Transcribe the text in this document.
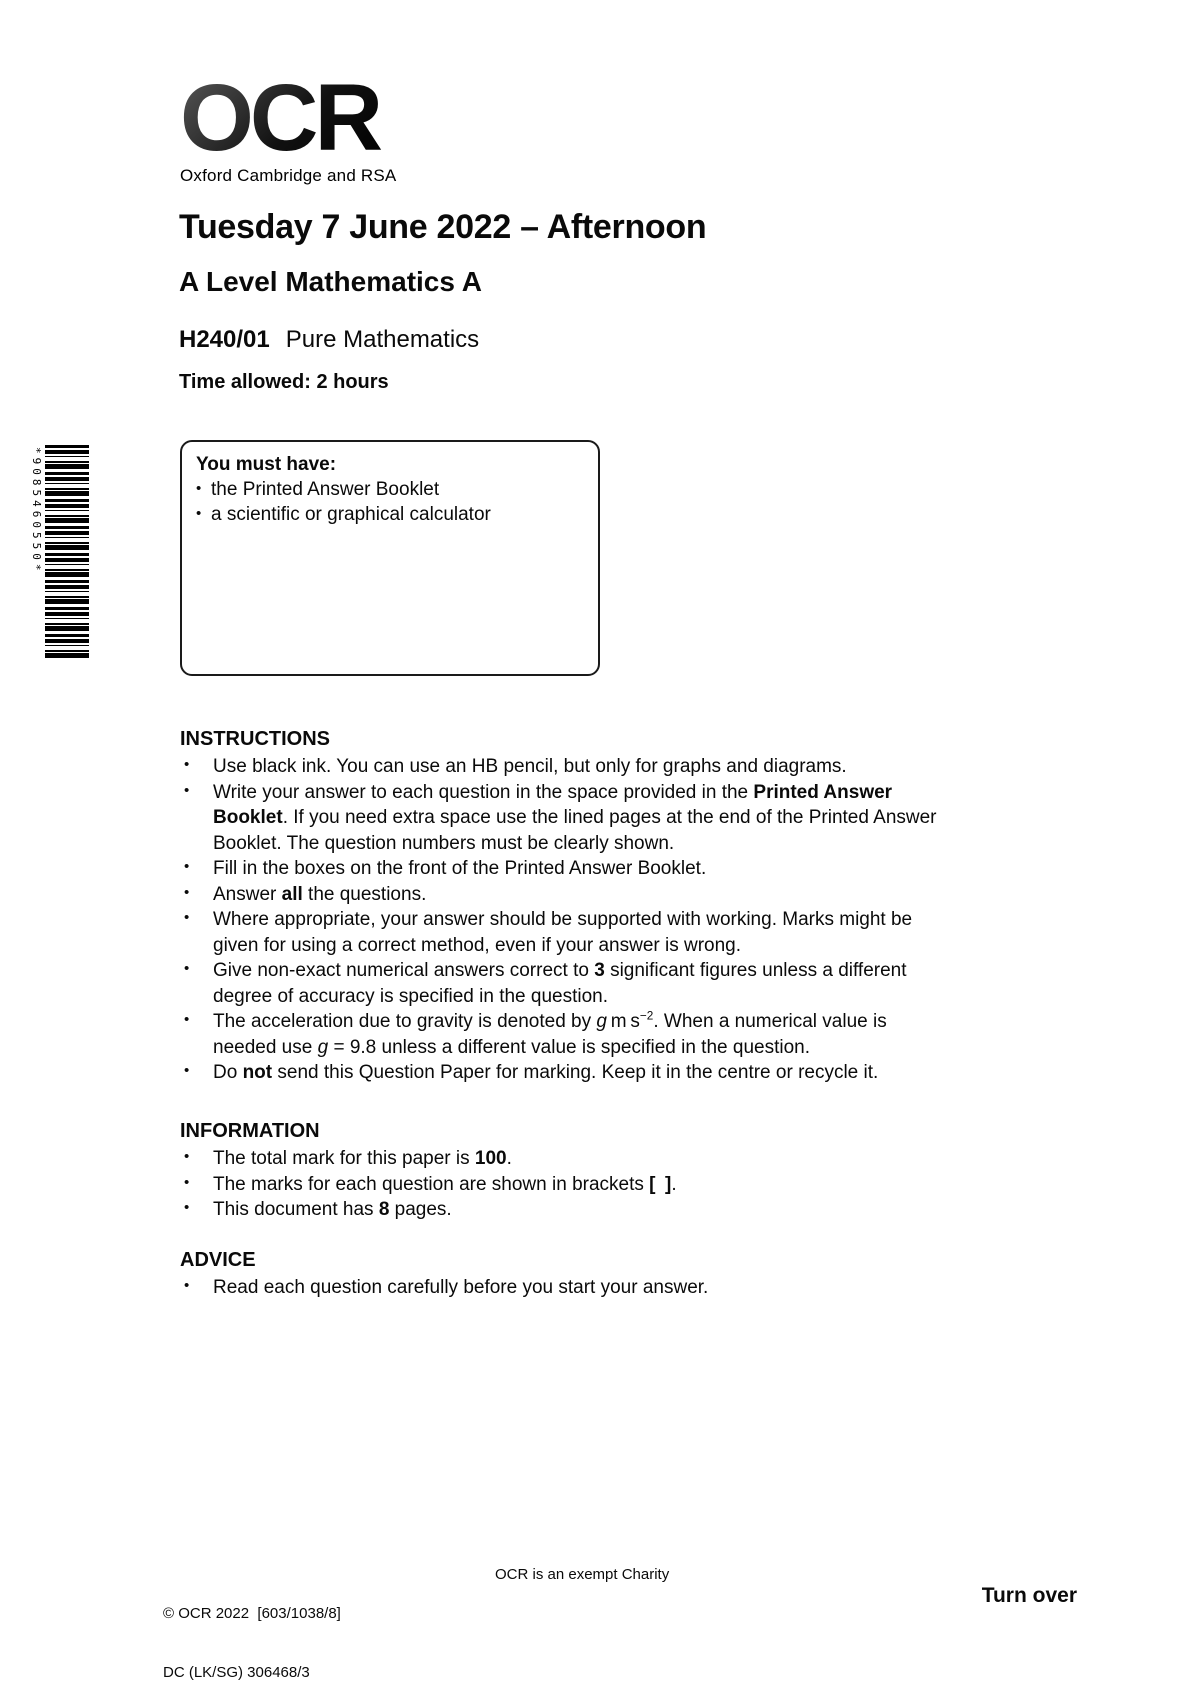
OCR
Oxford Cambridge and RSA
Tuesday 7 June 2022 – Afternoon
A Level Mathematics A
H240/01 Pure Mathematics
Time allowed: 2 hours
*9085460550*	You must have:
• the Printed Answer Booklet
• a scientific or graphical calculator
INSTRUCTIONS
• Use black ink. You can use an HB pencil, but only for graphs and diagrams.
• Write your answer to each question in the space provided in the Printed Answer
Booklet. If you need extra space use the lined pages at the end of the Printed Answer
Booklet. The question numbers must be clearly shown.
• Fill in the boxes on the front of the Printed Answer Booklet.
• Answer all the questions.
• Where appropriate, your answer should be supported with working. Marks might be
given for using a correct method, even if your answer is wrong.
• Give non-exact numerical answers correct to 3 significant figures unless a different
degree of accuracy is specified in the question.
• The acceleration due to gravity is denoted by g m $s^{-2}$. When a numerical value is
needed use g = 9.8 unless a different value is specified in the question.
• Do not send this Question Paper for marking. Keep it in the centre or recycle it.
INFORMATION
• The total mark for this paper is 100.
• The marks for each question are shown in brackets [ ].
• This document has 8 pages.
ADVICE
• Read each question carefully before you start your answer.

© OCR 2022  [603/1038/8]

DC (LK/SG) 306468/3

OCR is an exempt Charity
Turn over
